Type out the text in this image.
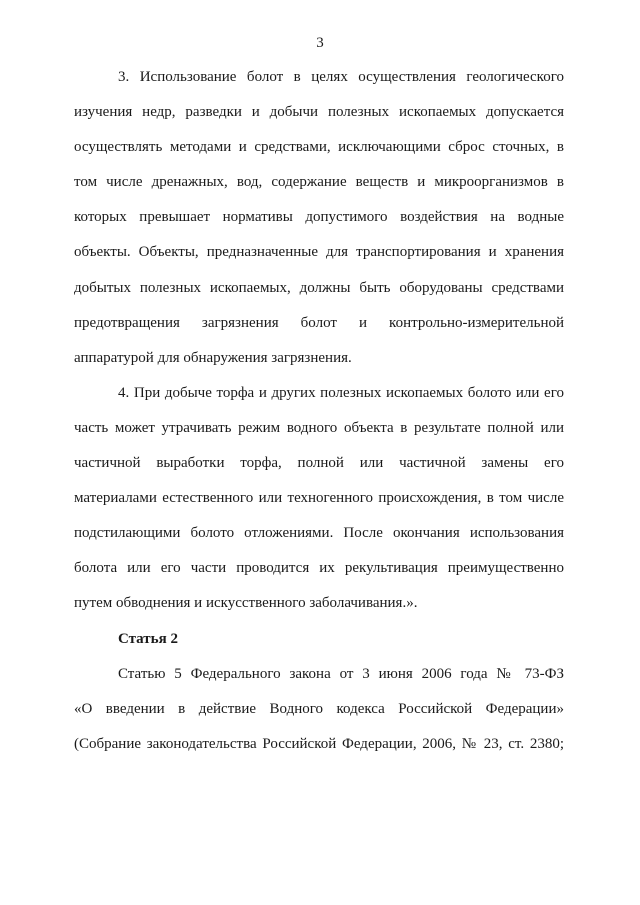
3
3. Использование болот в целях осуществления геологического
изучения недр, разведки и добычи полезных ископаемых допускается
осуществлять методами и средствами, исключающими сброс сточных, в
том числе дренажных, вод, содержание веществ и микроорганизмов в
которых превышает нормативы допустимого воздействия на водные
объекты. Объекты, предназначенные для транспортирования и хранения
добытых полезных ископаемых, должны быть оборудованы средствами
предотвращения загрязнения болот и контрольно-измерительной
аппаратурой для обнаружения загрязнения.
4. При добыче торфа и других полезных ископаемых болото или его
часть может утрачивать режим водного объекта в результате полной или
частичной выработки торфа, полной или частичной замены его
материалами естественного или техногенного происхождения, в том числе
подстилающими болото отложениями. После окончания использования
болота или его части проводится их рекультивация преимущественно
путем обводнения и искусственного заболачивания.».
Статья 2
Статью 5 Федерального закона от 3 июня 2006 года № 73-ФЗ
«О введении в действие Водного кодекса Российской Федерации»
(Собрание законодательства Российской Федерации, 2006, № 23, ст. 2380;
